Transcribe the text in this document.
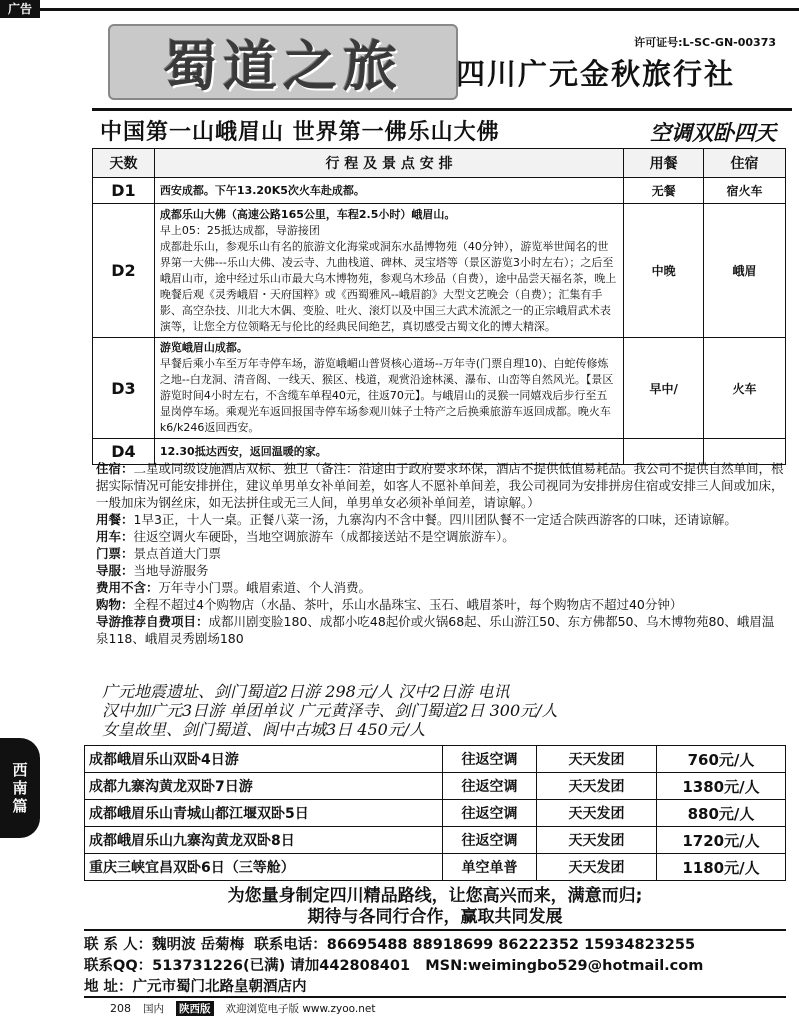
广告
蜀道之旅	许可证号:L-SC-GN-00373
四川广元金秋旅行社
中国第一山峨眉山 世界第一佛乐山大佛	空调双卧四天
天数	行 程 及 景 点 安 排	用餐	住宿
D1	西安成都。下午13.20K5次火车赴成都。	无餐	宿火车
D2	成都乐山大佛（高速公路165公里，车程2.5小时）峨眉山。
早上05：25抵达成都，导游接团
成都赴乐山，参观乐山有名的旅游文化海棠或洞东水晶博物苑（40分钟），游览举世闻名的世界第一大佛---乐山大佛、凌云寺、九曲栈道、碑林、灵宝塔等（景区游览3小时左右）；之后至峨眉山市，途中经过乐山市最大乌木博物苑，参观乌木珍品（自费），途中品尝天福名茶，晚上晚餐后观《灵秀峨眉・天府国粹》或《西蜀雅风--峨眉韵》大型文艺晚会（自费）；汇集有手影、高空杂技、川北大木偶、变脸、吐火、滚灯以及中国三大武术流派之一的正宗峨眉武术表演等，让您全方位领略无与伦比的经典民间绝艺，真切感受古蜀文化的博大精深。	中晚	峨眉
D3	游览峨眉山成都。
早餐后乘小车至万年寺停车场，游览峨嵋山普贤核心道场--万年寺(门票自理10)、白蛇传修炼之地--白龙洞、清音阁、一线天、猴区、栈道，观赏沿途林溪、瀑布、山峦等自然风光。【景区游览时间4小时左右，不含缆车单程40元，往返70元】。与峨眉山的灵猴一同嬉戏后步行至五显岗停车场。乘观光车返回报国寺停车场参观川妹子土特产之后换乘旅游车返回成都。晚火车k6/k246返回西安。	早中/	火车
D4	12.30抵达西安，返回温暖的家。		

住宿：二星或同级设施酒店双标、独卫（备注：沿途由于政府要求环保，酒店不提供低值易耗品。我公司不提供自然单间，根据实际情况可能安排拼住，建议单男单女补单间差，如客人不愿补单间差，我公司视同为安排拼房住宿或安排三人间或加床，一般加床为钢丝床，如无法拼住或无三人间，单男单女必须补单间差，请谅解。）
用餐：1早3正，十人一桌。正餐八菜一汤，九寨沟内不含中餐。四川团队餐不一定适合陕西游客的口味，还请谅解。
用车：往返空调火车硬卧，当地空调旅游车（成都接送站不是空调旅游车）。
门票：景点首道大门票
导服：当地导游服务
费用不含：万年寺小门票。峨眉索道、个人消费。
购物：全程不超过4个购物店（水晶、茶叶，乐山水晶珠宝、玉石、峨眉茶叶，每个购物店不超过40分钟）
导游推荐自费项目：成都川剧变脸180、成都小吃48起价或火锅68起、乐山游江50、东方佛都50、乌木博物苑80、峨眉温泉118、峨眉灵秀剧场180
广元地震遗址、剑门蜀道2日游 298元/人 汉中2日游 电讯
汉中加广元3日游 单团单议 广元黄泽寺、剑门蜀道2日 300元/人
女皇故里、剑门蜀道、阆中古城3日 450元/人
西
南
篇
成都峨眉乐山双卧4日游	往返空调	天天发团	760元/人
成都九寨沟黄龙双卧7日游	往返空调	天天发团	1380元/人
成都峨眉乐山青城山都江堰双卧5日	往返空调	天天发团	880元/人
成都峨眉乐山九寨沟黄龙双卧8日	往返空调	天天发团	1720元/人
重庆三峡宜昌双卧6日（三等舱）	单空单普	天天发团	1180元/人
为您量身制定四川精品路线，让您高兴而来，满意而归;
期待与各同行合作，赢取共同发展
联 系 人：魏明波 岳菊梅 联系电话：86695488 88918699 86222352 15934823255
联系QQ：513731226(已满) 请加442808401 MSN:weimingbo529@hotmail.com
地 址：广元市蜀门北路皇朝酒店内
208 国内 陕西版 欢迎浏览电子版 www.zyoo.net
